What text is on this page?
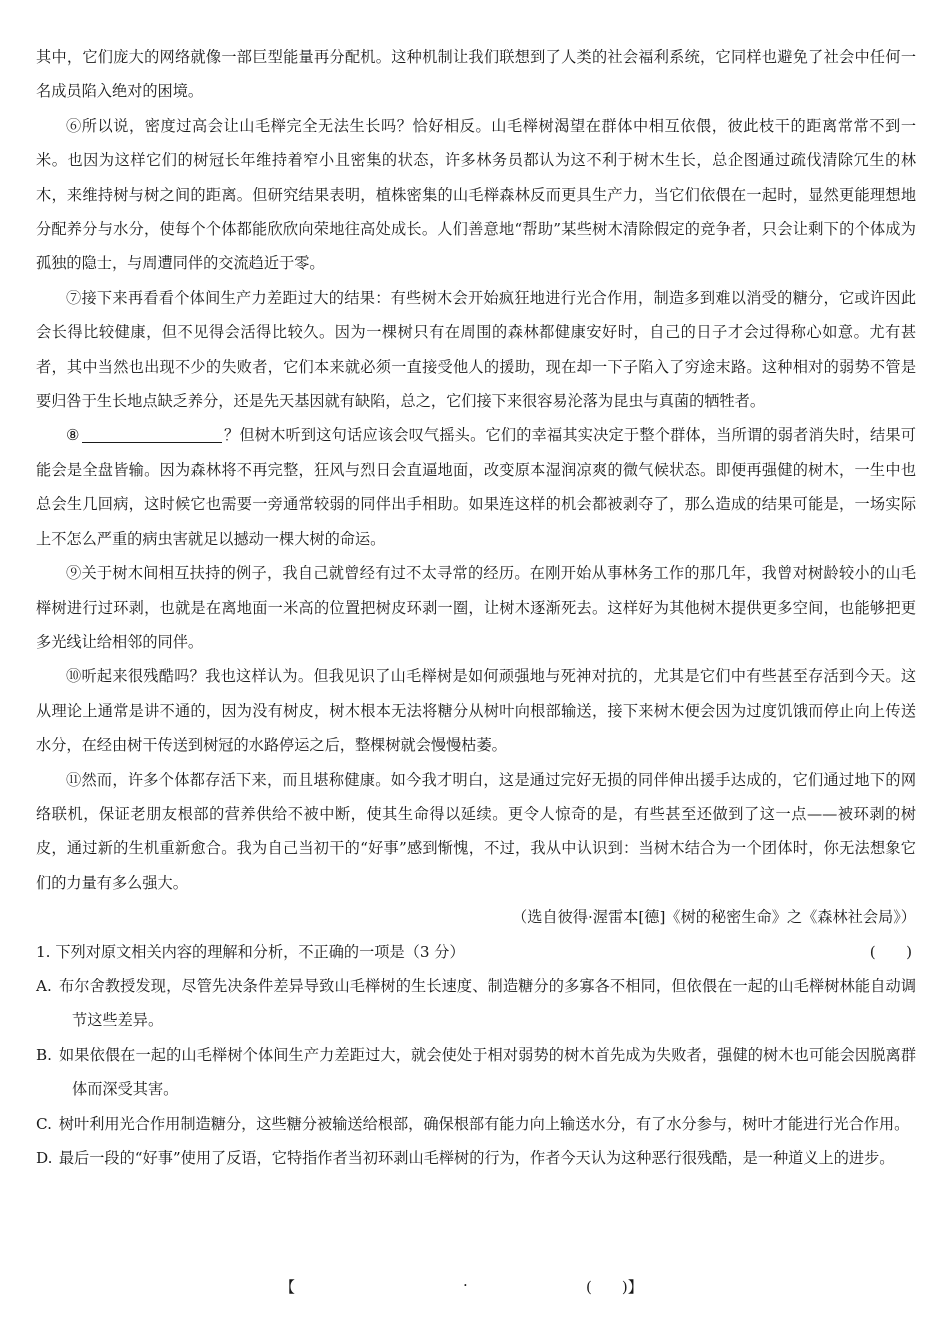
其中，它们庞大的网络就像一部巨型能量再分配机。这种机制让我们联想到了人类的社会福利系统，它同样也避免了社会中任何一名成员陷入绝对的困境。

⑥所以说，密度过高会让山毛榉完全无法生长吗？恰好相反。山毛榉树渴望在群体中相互依偎，彼此枝干的距离常常不到一米。也因为这样它们的树冠长年维持着窄小且密集的状态，许多林务员都认为这不利于树木生长，总企图通过疏伐清除冗生的林木，来维持树与树之间的距离。但研究结果表明，植株密集的山毛榉森林反而更具生产力，当它们依偎在一起时，显然更能理想地分配养分与水分，使每个个体都能欣欣向荣地往高处成长。人们善意地“帮助”某些树木清除假定的竞争者，只会让剩下的个体成为孤独的隐士，与周遭同伴的交流趋近于零。

⑦接下来再看看个体间生产力差距过大的结果：有些树木会开始疯狂地进行光合作用，制造多到难以消受的糖分，它或许因此会长得比较健康，但不见得会活得比较久。因为一棵树只有在周围的森林都健康安好时，自己的日子才会过得称心如意。尤有甚者，其中当然也出现不少的失败者，它们本来就必须一直接受他人的援助，现在却一下子陷入了穷途末路。这种相对的弱势不管是要归咎于生长地点缺乏养分，还是先天基因就有缺陷，总之，它们接下来很容易沦落为昆虫与真菌的牺牲者。

⑧	？但树木听到这句话应该会叹气摇头。它们的幸福其实决定于整个群体，当所谓的弱者消失时，结果可能会是全盘皆输。因为森林将不再完整，狂风与烈日会直逼地面，改变原本湿润凉爽的微气候状态。即便再强健的树木，一生中也总会生几回病，这时候它也需要一旁通常较弱的同伴出手相助。如果连这样的机会都被剥夺了，那么造成的结果可能是，一场实际上不怎么严重的病虫害就足以撼动一棵大树的命运。

⑨关于树木间相互扶持的例子，我自己就曾经有过不太寻常的经历。在刚开始从事林务工作的那几年，我曾对树龄较小的山毛榉树进行过环剥，也就是在离地面一米高的位置把树皮环剥一圈，让树木逐渐死去。这样好为其他树木提供更多空间，也能够把更多光线让给相邻的同伴。

⑩听起来很残酷吗？我也这样认为。但我见识了山毛榉树是如何顽强地与死神对抗的，尤其是它们中有些甚至存活到今天。这从理论上通常是讲不通的，因为没有树皮，树木根本无法将糖分从树叶向根部输送，接下来树木便会因为过度饥饿而停止向上传送水分，在经由树干传送到树冠的水路停运之后，整棵树就会慢慢枯萎。

⑪然而，许多个体都存活下来，而且堪称健康。如今我才明白，这是通过完好无损的同伴伸出援手达成的，它们通过地下的网络联机，保证老朋友根部的营养供给不被中断，使其生命得以延续。更令人惊奇的是，有些甚至还做到了这一点——被环剥的树皮，通过新的生机重新愈合。我为自己当初干的“好事”感到惭愧，不过，我从中认识到：当树木结合为一个团体时，你无法想象它们的力量有多么强大。

（选自彼得·渥雷本[德]《树的秘密生命》之《森林社会局》）

1. 下列对原文相关内容的理解和分析，不正确的一项是（3 分）	(　　)

A. 布尔舍教授发现，尽管先决条件差异导致山毛榉树的生长速度、制造糖分的多寡各不相同，但依偎在一起的山毛榉树林能自动调节这些差异。

B. 如果依偎在一起的山毛榉树个体间生产力差距过大，就会使处于相对弱势的树木首先成为失败者，强健的树木也可能会因脱离群体而深受其害。

C. 树叶利用光合作用制造糖分，这些糖分被输送给根部，确保根部有能力向上输送水分，有了水分参与，树叶才能进行光合作用。

D. 最后一段的“好事”使用了反语，它特指作者当初环剥山毛榉树的行为，作者今天认为这种恶行很残酷，是一种道义上的进步。

【	·	(　　)】
